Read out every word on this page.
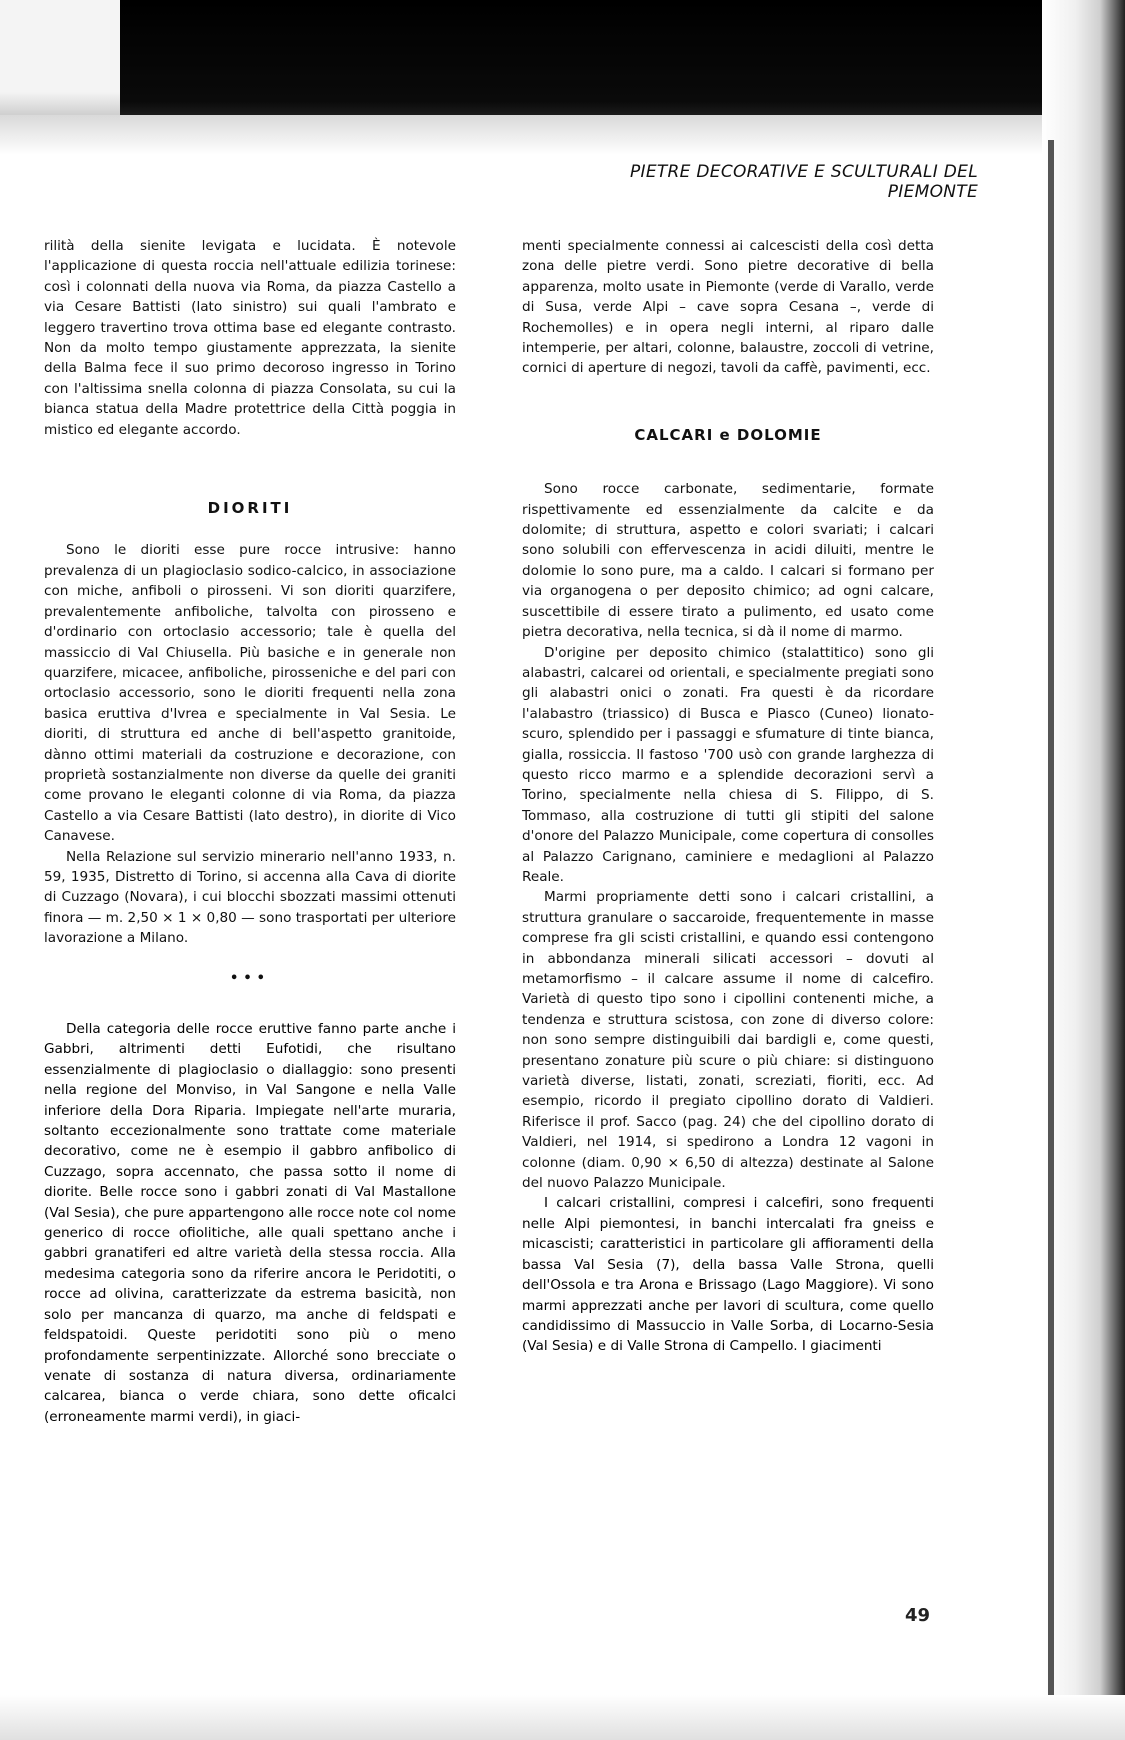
PIETRE DECORATIVE E SCULTURALI DEL PIEMONTE

rilità della sienite levigata e lucidata. È notevole l'applicazione di questa roccia nell'attuale edilizia torinese: così i colonnati della nuova via Roma, da piazza Castello a via Cesare Battisti (lato sinistro) sui quali l'ambrato e leggero travertino trova ottima base ed elegante contrasto. Non da molto tempo giustamente apprezzata, la sienite della Balma fece il suo primo decoroso ingresso in Torino con l'altissima snella colonna di piazza Consolata, su cui la bianca statua della Madre protettrice della Città poggia in mistico ed elegante accordo.

DIORITI

Sono le dioriti esse pure rocce intrusive: hanno prevalenza di un plagioclasio sodico-calcico, in associazione con miche, anfiboli o pirosseni. Vi son dioriti quarzifere, prevalentemente anfiboliche, talvolta con pirosseno e d'ordinario con ortoclasio accessorio; tale è quella del massiccio di Val Chiusella. Più basiche e in generale non quarzifere, micacee, anfiboliche, pirosseniche e del pari con ortoclasio accessorio, sono le dioriti frequenti nella zona basica eruttiva d'Ivrea e specialmente in Val Sesia. Le dioriti, di struttura ed anche di bell'aspetto granitoide, dànno ottimi materiali da costruzione e decorazione, con proprietà sostanzialmente non diverse da quelle dei graniti come provano le eleganti colonne di via Roma, da piazza Castello a via Cesare Battisti (lato destro), in diorite di Vico Canavese.

Nella Relazione sul servizio minerario nell'anno 1933, n. 59, 1935, Distretto di Torino, si accenna alla Cava di diorite di Cuzzago (Novara), i cui blocchi sbozzati massimi ottenuti finora — m. 2,50 × 1 × 0,80 — sono trasportati per ulteriore lavorazione a Milano.

•••

Della categoria delle rocce eruttive fanno parte anche i Gabbri, altrimenti detti Eufotidi, che risultano essenzialmente di plagioclasio o diallaggio: sono presenti nella regione del Monviso, in Val Sangone e nella Valle inferiore della Dora Riparia. Impiegate nell'arte muraria, soltanto eccezionalmente sono trattate come materiale decorativo, come ne è esempio il gabbro anfibolico di Cuzzago, sopra accennato, che passa sotto il nome di diorite. Belle rocce sono i gabbri zonati di Val Mastallone (Val Sesia), che pure appartengono alle rocce note col nome generico di rocce ofiolitiche, alle quali spettano anche i gabbri granatiferi ed altre varietà della stessa roccia. Alla medesima categoria sono da riferire ancora le Peridotiti, o rocce ad olivina, caratterizzate da estrema basicità, non solo per mancanza di quarzo, ma anche di feldspati e feldspatoidi. Queste peridotiti sono più o meno profondamente serpentinizzate. Allorché sono brecciate o venate di sostanza di natura diversa, ordinariamente calcarea, bianca o verde chiara, sono dette oficalci (erroneamente marmi verdi), in giaci-

menti specialmente connessi ai calcescisti della così detta zona delle pietre verdi. Sono pietre decorative di bella apparenza, molto usate in Piemonte (verde di Varallo, verde di Susa, verde Alpi – cave sopra Cesana –, verde di Rochemolles) e in opera negli interni, al riparo dalle intemperie, per altari, colonne, balaustre, zoccoli di vetrine, cornici di aperture di negozi, tavoli da caffè, pavimenti, ecc.

CALCARI e DOLOMIE

Sono rocce carbonate, sedimentarie, formate rispettivamente ed essenzialmente da calcite e da dolomite; di struttura, aspetto e colori svariati; i calcari sono solubili con effervescenza in acidi diluiti, mentre le dolomie lo sono pure, ma a caldo. I calcari si formano per via organogena o per deposito chimico; ad ogni calcare, suscettibile di essere tirato a pulimento, ed usato come pietra decorativa, nella tecnica, si dà il nome di marmo.

D'origine per deposito chimico (stalattitico) sono gli alabastri, calcarei od orientali, e specialmente pregiati sono gli alabastri onici o zonati. Fra questi è da ricordare l'alabastro (triassico) di Busca e Piasco (Cuneo) lionato-scuro, splendido per i passaggi e sfumature di tinte bianca, gialla, rossiccia. Il fastoso '700 usò con grande larghezza di questo ricco marmo e a splendide decorazioni servì a Torino, specialmente nella chiesa di S. Filippo, di S. Tommaso, alla costruzione di tutti gli stipiti del salone d'onore del Palazzo Municipale, come copertura di consolles al Palazzo Carignano, caminiere e medaglioni al Palazzo Reale.

Marmi propriamente detti sono i calcari cristallini, a struttura granulare o saccaroide, frequentemente in masse comprese fra gli scisti cristallini, e quando essi contengono in abbondanza minerali silicati accessori – dovuti al metamorfismo – il calcare assume il nome di calcefiro. Varietà di questo tipo sono i cipollini contenenti miche, a tendenza e struttura scistosa, con zone di diverso colore: non sono sempre distinguibili dai bardigli e, come questi, presentano zonature più scure o più chiare: si distinguono varietà diverse, listati, zonati, screziati, fioriti, ecc. Ad esempio, ricordo il pregiato cipollino dorato di Valdieri. Riferisce il prof. Sacco (pag. 24) che del cipollino dorato di Valdieri, nel 1914, si spedirono a Londra 12 vagoni in colonne (diam. 0,90 × 6,50 di altezza) destinate al Salone del nuovo Palazzo Municipale.

I calcari cristallini, compresi i calcefiri, sono frequenti nelle Alpi piemontesi, in banchi intercalati fra gneiss e micascisti; caratteristici in particolare gli affioramenti della bassa Val Sesia (7), della bassa Valle Strona, quelli dell'Ossola e tra Arona e Brissago (Lago Maggiore). Vi sono marmi apprezzati anche per lavori di scultura, come quello candidissimo di Massuccio in Valle Sorba, di Locarno-Sesia (Val Sesia) e di Valle Strona di Campello. I giacimenti

49
